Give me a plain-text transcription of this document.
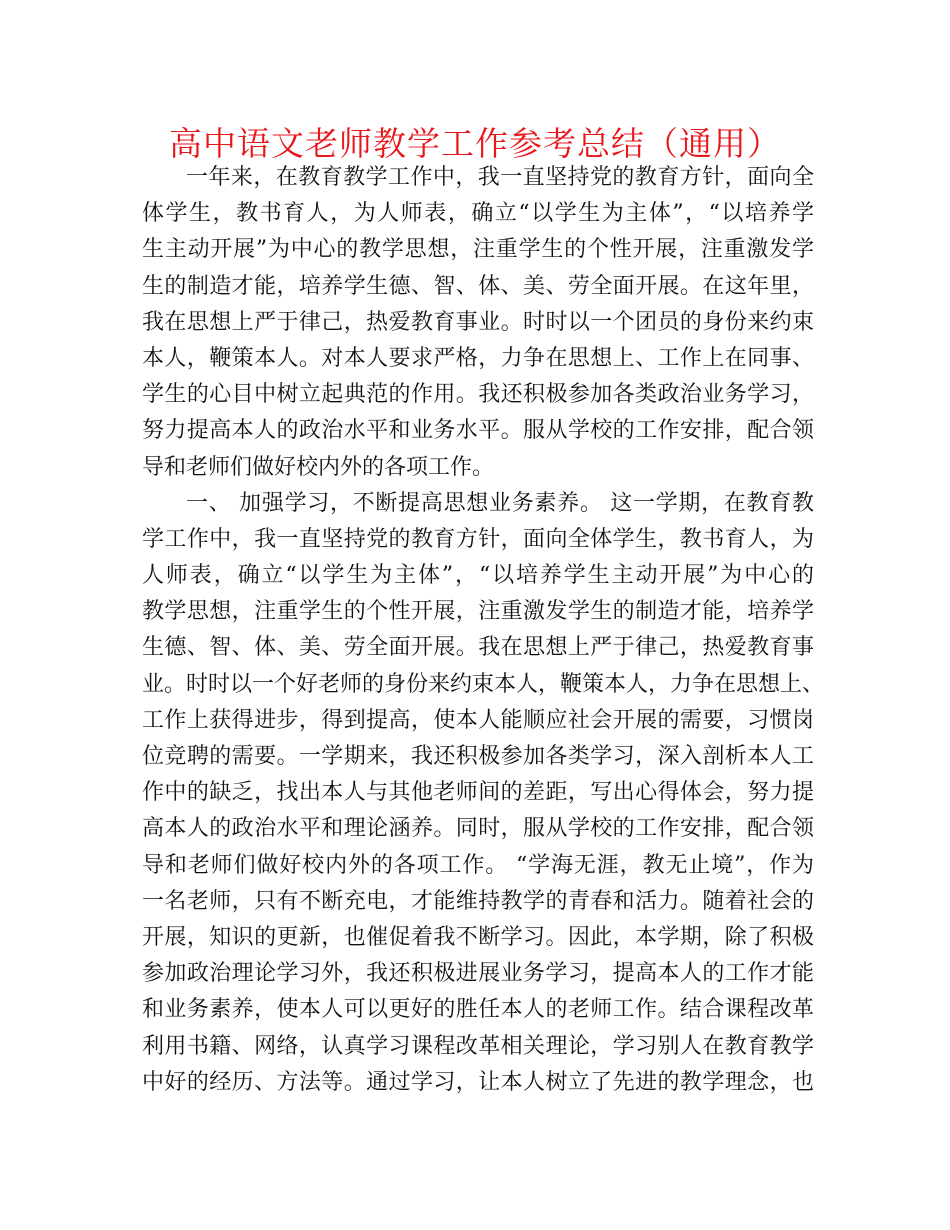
高中语文老师教学工作参考总结（通用）
一年来，在教育教学工作中，我一直坚持党的教育方针，面向全
体学生，教书育人，为人师表，确立“以学生为主体”，“以培养学
生主动开展”为中心的教学思想，注重学生的个性开展，注重激发学
生的制造才能，培养学生德、智、体、美、劳全面开展。在这年里，
我在思想上严于律己，热爱教育事业。时时以一个团员的身份来约束
本人，鞭策本人。对本人要求严格，力争在思想上、工作上在同事、
学生的心目中树立起典范的作用。我还积极参加各类政治业务学习，
努力提高本人的政治水平和业务水平。服从学校的工作安排，配合领
导和老师们做好校内外的各项工作。
一、 加强学习，不断提高思想业务素养。 这一学期，在教育教
学工作中，我一直坚持党的教育方针，面向全体学生，教书育人，为
人师表，确立“以学生为主体”，“以培养学生主动开展”为中心的
教学思想，注重学生的个性开展，注重激发学生的制造才能，培养学
生德、智、体、美、劳全面开展。我在思想上严于律己，热爱教育事
业。时时以一个好老师的身份来约束本人，鞭策本人，力争在思想上、
工作上获得进步，得到提高，使本人能顺应社会开展的需要，习惯岗
位竞聘的需要。一学期来，我还积极参加各类学习，深入剖析本人工
作中的缺乏，找出本人与其他老师间的差距，写出心得体会，努力提
高本人的政治水平和理论涵养。同时，服从学校的工作安排，配合领
导和老师们做好校内外的各项工作。 “学海无涯，教无止境”，作为
一名老师，只有不断充电，才能维持教学的青春和活力。随着社会的
开展，知识的更新，也催促着我不断学习。因此，本学期，除了积极
参加政治理论学习外，我还积极进展业务学习，提高本人的工作才能
和业务素养，使本人可以更好的胜任本人的老师工作。结合课程改革
利用书籍、网络，认真学习课程改革相关理论，学习别人在教育教学
中好的经历、方法等。通过学习，让本人树立了先进的教学理念，也
